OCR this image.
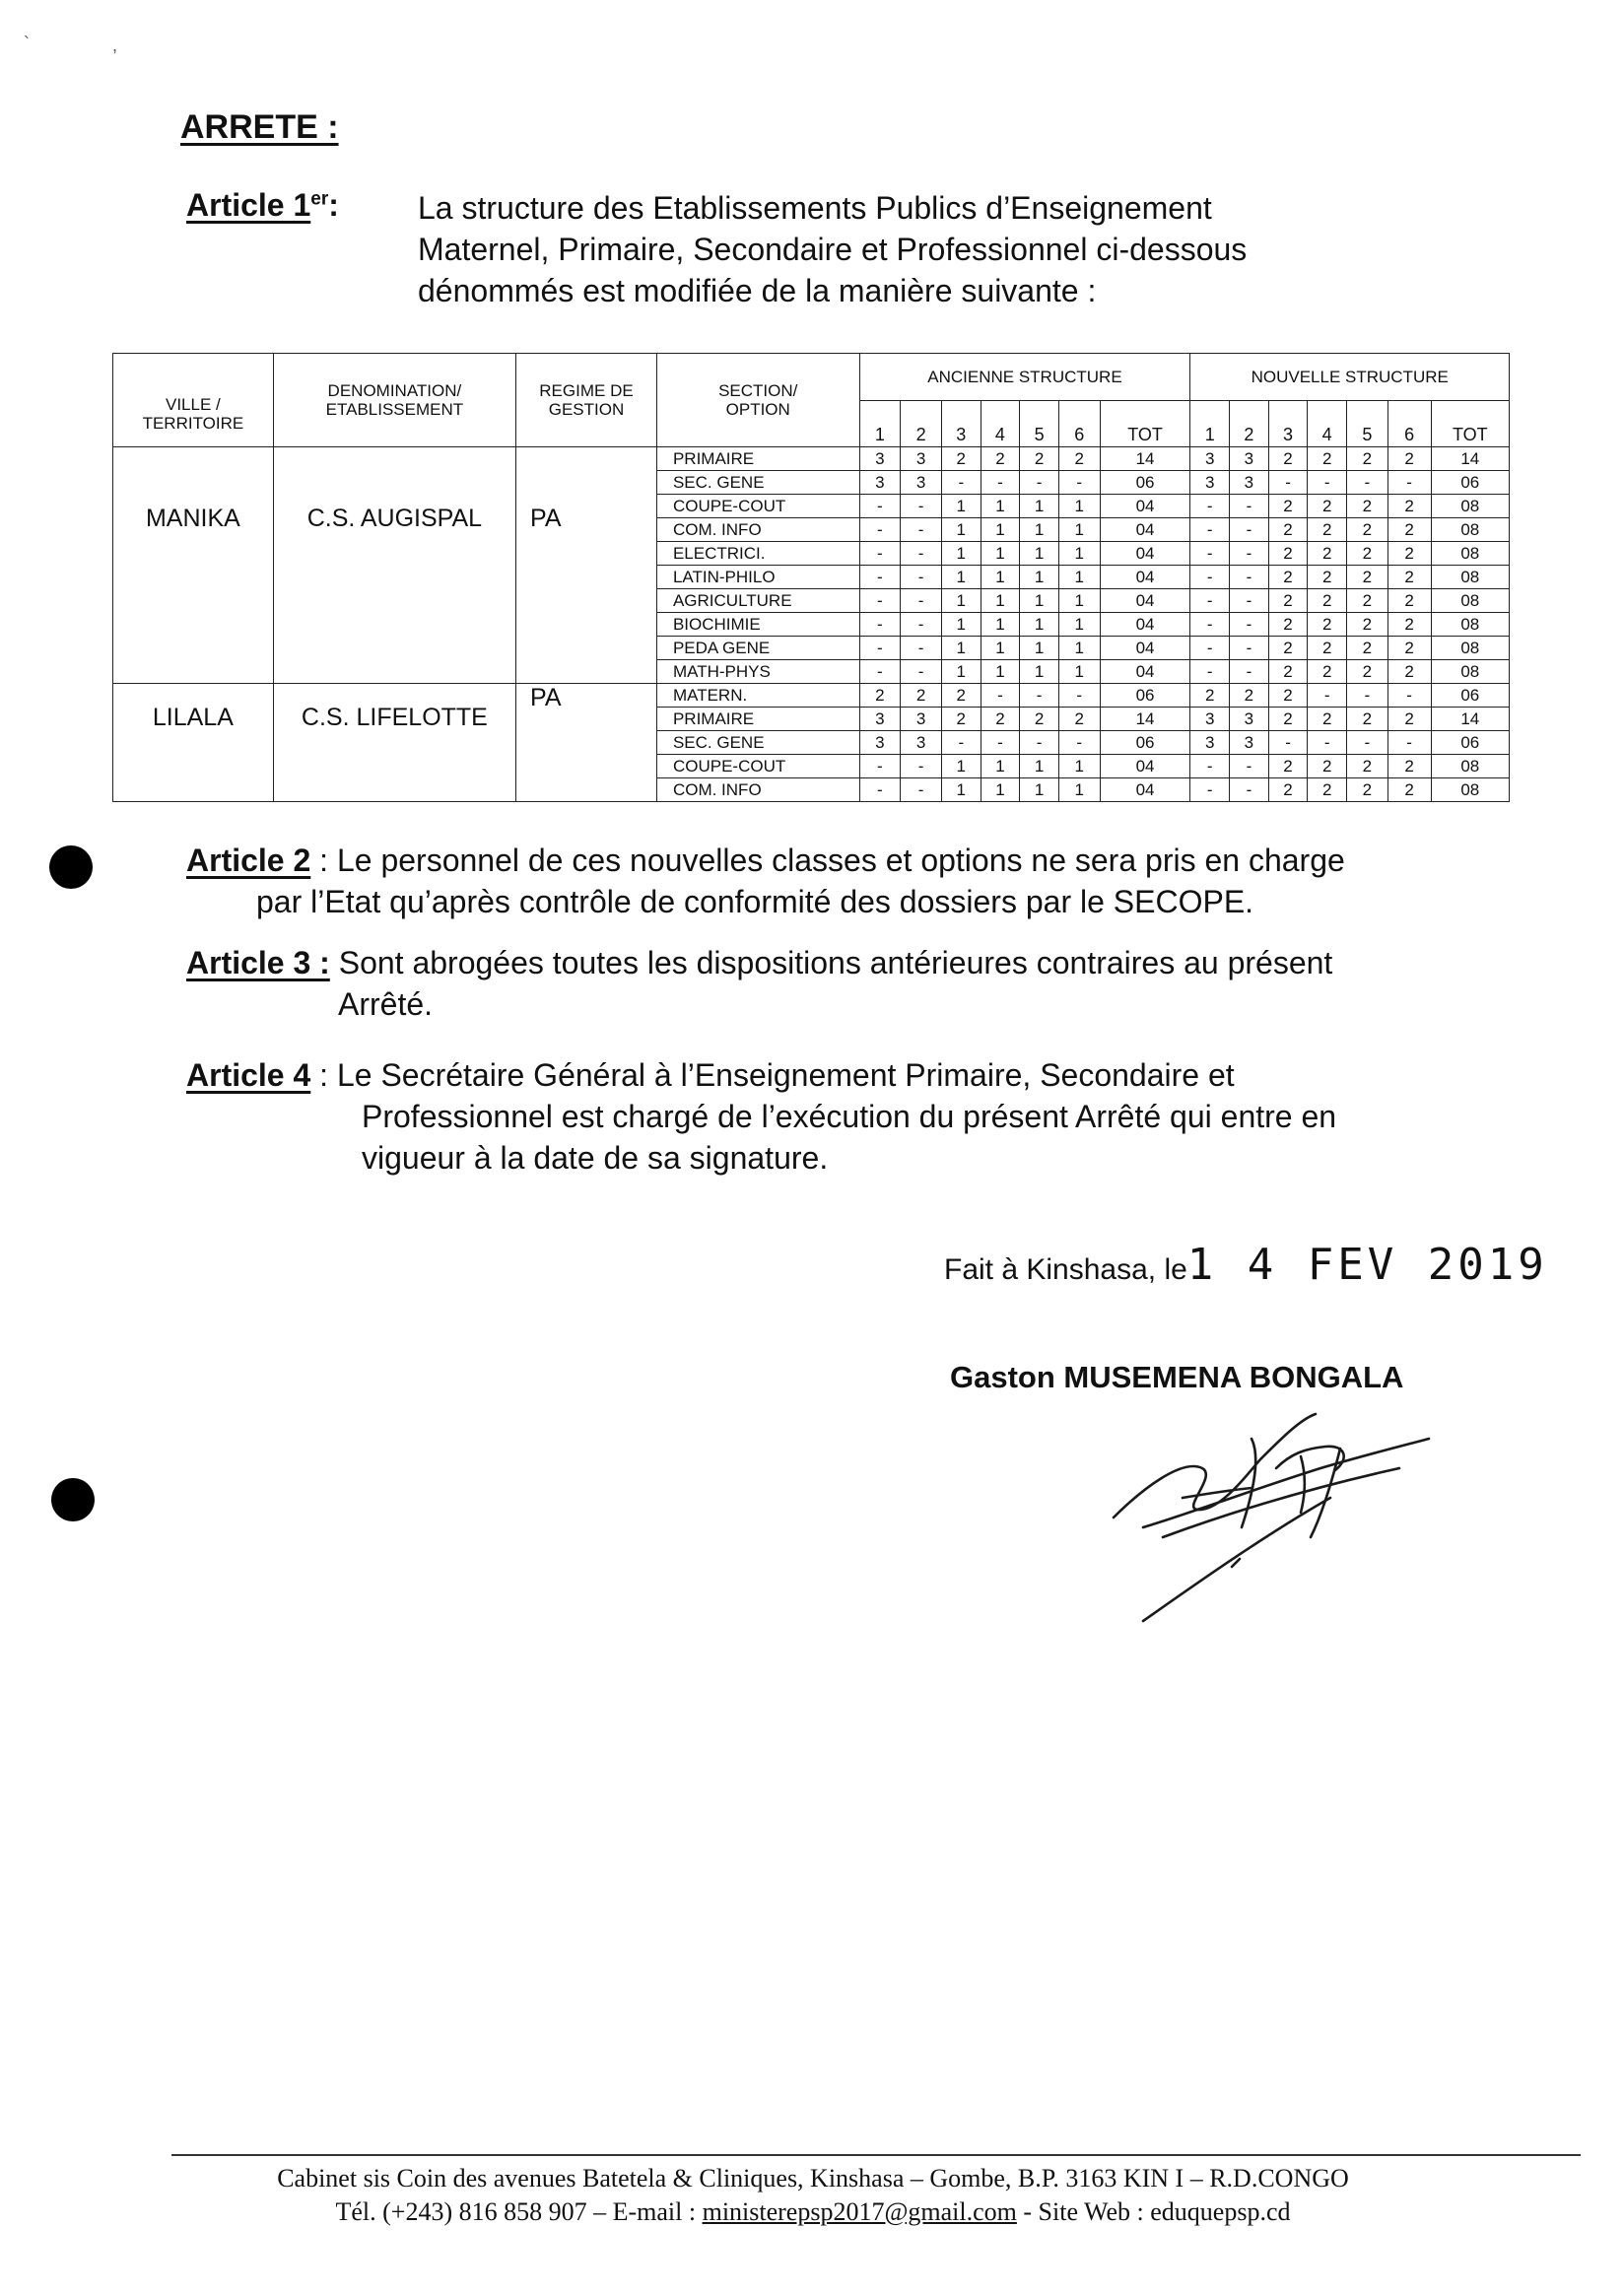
`	,
ARRETE :
Article 1er:	La structure des Etablissements Publics d’Enseignement
Maternel, Primaire, Secondaire et Professionnel ci-dessous
dénommés est modifiée de la manière suivante :
VILLE / TERRITOIRE	DENOMINATION/ ETABLISSEMENT	REGIME DE GESTION	SECTION/ OPTION	ANCIENNE STRUCTURE							NOUVELLE STRUCTURE						
				1	2	3	4	5	6	TOT	1	2	3	4	5	6	TOT
MANIKA	C.S. AUGISPAL	PA	PRIMAIRE	3	3	2	2	2	2	14	3	3	2	2	2	2	14
			SEC. GENE	3	3	-	-	-	-	06	3	3	-	-	-	-	06
			COUPE-COUT	-	-	1	1	1	1	04	-	-	2	2	2	2	08
			COM. INFO	-	-	1	1	1	1	04	-	-	2	2	2	2	08
			ELECTRICI.	-	-	1	1	1	1	04	-	-	2	2	2	2	08
			LATIN-PHILO	-	-	1	1	1	1	04	-	-	2	2	2	2	08
			AGRICULTURE	-	-	1	1	1	1	04	-	-	2	2	2	2	08
			BIOCHIMIE	-	-	1	1	1	1	04	-	-	2	2	2	2	08
			PEDA GENE	-	-	1	1	1	1	04	-	-	2	2	2	2	08
			MATH-PHYS	-	-	1	1	1	1	04	-	-	2	2	2	2	08
LILALA	C.S. LIFELOTTE	PA	MATERN.	2	2	2	-	-	-	06	2	2	2	-	-	-	06
			PRIMAIRE	3	3	2	2	2	2	14	3	3	2	2	2	2	14
			SEC. GENE	3	3	-	-	-	-	06	3	3	-	-	-	-	06
			COUPE-COUT	-	-	1	1	1	1	04	-	-	2	2	2	2	08
			COM. INFO	-	-	1	1	1	1	04	-	-	2	2	2	2	08
Article 2 : Le personnel de ces nouvelles classes et options ne sera pris en charge
par l’Etat qu’après contrôle de conformité des dossiers par le SECOPE.
Article 3 : Sont abrogées toutes les dispositions antérieures contraires au présent
Arrêté.
Article 4 : Le Secrétaire Général à l’Enseignement Primaire, Secondaire et
Professionnel est chargé de l’exécution du présent Arrêté qui entre en
vigueur à la date de sa signature.
Fait à Kinshasa, le1 4 FEV 2019
Gaston MUSEMENA BONGALA
Cabinet sis Coin des avenues Batetela & Cliniques, Kinshasa – Gombe, B.P. 3163 KIN I – R.D.CONGO
Tél. (+243) 816 858 907 – E-mail : ministerepsp2017@gmail.com - Site Web : eduquepsp.cd
